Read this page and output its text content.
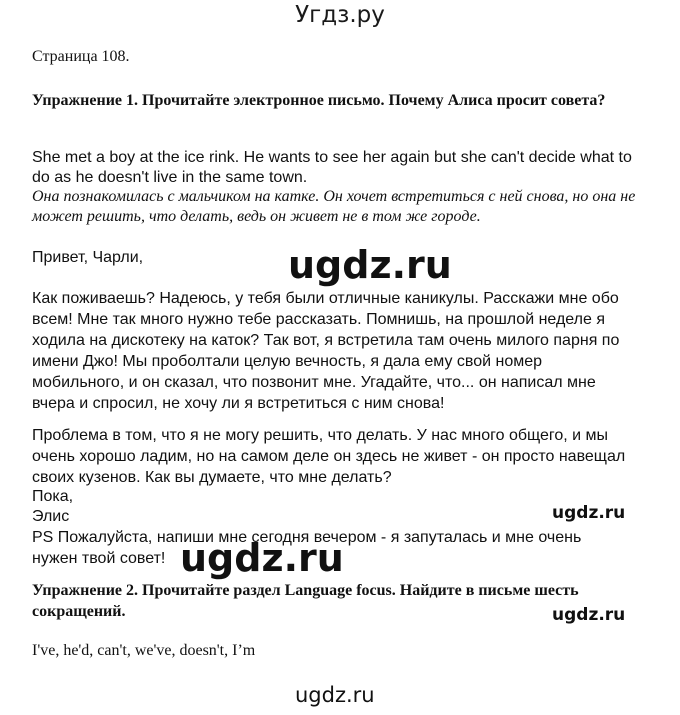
Угдз.ру
Страница 108.
Упражнение 1. Прочитайте электронное письмо. Почему Алиса просит совета?
She met a boy at the ice rink. He wants to see her again but she can't decide what to do as he doesn't live in the same town.
Она познакомилась с мальчиком на катке. Он хочет встретиться с ней снова, но она не может решить, что делать, ведь он живет не в том же городе.
Привет, Чарли,
Как поживаешь? Надеюсь, у тебя были отличные каникулы. Расскажи мне обо всем! Мне так много нужно тебе рассказать. Помнишь, на прошлой неделе я ходила на дискотеку на каток? Так вот, я встретила там очень милого парня по имени Джо! Мы проболтали целую вечность, я дала ему свой номер мобильного, и он сказал, что позвонит мне. Угадайте, что... он написал мне вчера и спросил, не хочу ли я встретиться с ним снова!
Проблема в том, что я не могу решить, что делать. У нас много общего, и мы очень хорошо ладим, но на самом деле он здесь не живет - он просто навещал своих кузенов. Как вы думаете, что мне делать?
Пока,
Элис
PS Пожалуйста, напиши мне сегодня вечером - я запуталась и мне очень нужен твой совет!
Упражнение 2. Прочитайте раздел Language focus. Найдите в письме шесть сокращений.
I've, he'd, can't, we've, doesn't, I’m
ugdz.ru
ugdz.ru
ugdz.ru
ugdz.ru
ugdz.ru
